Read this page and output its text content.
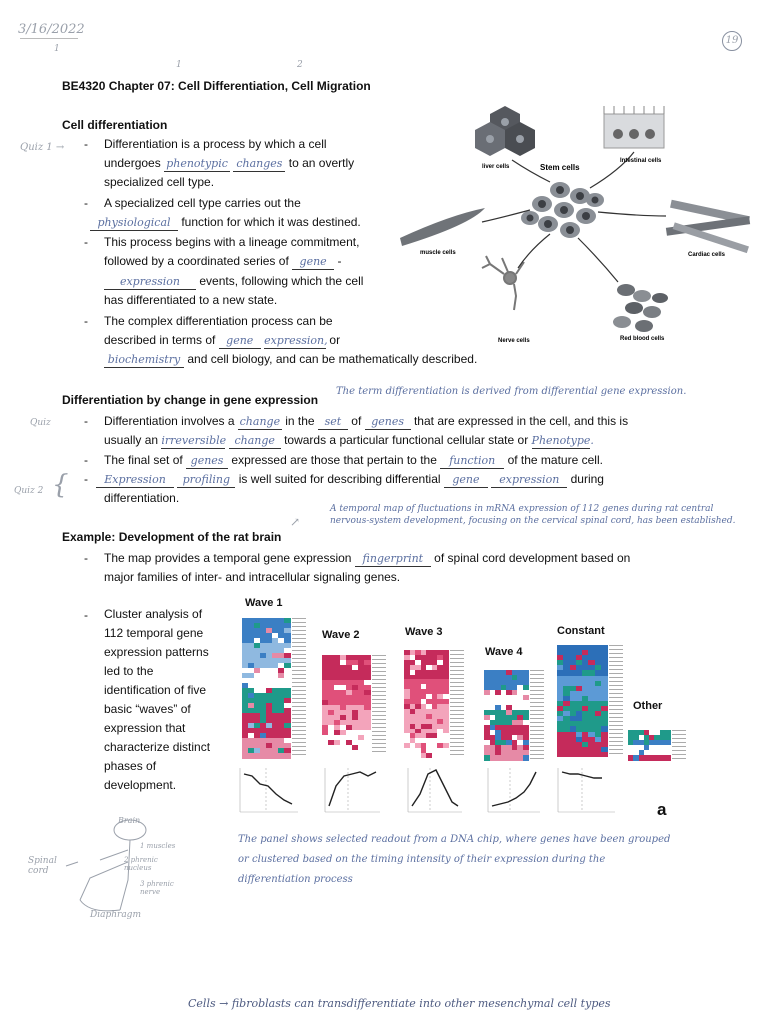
3/16/2022
1
1	2
19
BE4320 Chapter 07: Cell Differentiation, Cell Migration
Cell differentiation
Quiz 1 → - Differentiation is a process by which a cell
undergoes phenotypic changes to an overtly
specialized cell type.
- A specialized cell type carries out the
physiological function for which it was destined.
- This process begins with a lineage commitment,
followed by a coordinated series of gene -
expression events, following which the cell
has differentiated to a new state.
- The complex differentiation process can be
described in terms of gene expression, or
biochemistry and cell biology, and can be mathematically described.
liver cells	Stem cells
Intestinal cells
muscle cells	Cardiac cells
Nerve cells	Red blood cells
Differentiation by change in gene expression
The term differentiation is derived from differential gene expression.
Quiz	- Differentiation involves a change in the set of genes that are expressed in the cell, and this is
usually an irreversible change towards a particular functional cellular state or Phenotype.
- The final set of genes expressed are those that pertain to the function of the mature cell.
Quiz 2 { -	Expression profiling is well suited for describing differential gene expression during
differentiation.
A temporal map of fluctuations in mRNA expression of 112 genes during rat central nervous-system development, focusing on the cervical spinal cord, has been established.
↗
Example: Development of the rat brain
- The map provides a temporal gene expression fingerprint of spinal cord development based on
major families of inter- and intracellular signaling genes.
- Cluster analysis of
112 temporal gene
expression patterns
led to the
identification of five
basic “waves” of
expression that
characterize distinct
phases of
development.
Wave 1
Wave 2	Wave 3
Wave 4
Constant
Other
a
The panel shows selected readout from a DNA chip, where genes have been grouped or clustered based on the timing intensity of their expression during the differentiation process
Brain
Spinal cord
1 muscles
2 phrenic nucleus
3 phrenic nerve
Diaphragm
Cells → fibroblasts can transdifferentiate into other mesenchymal cell types
